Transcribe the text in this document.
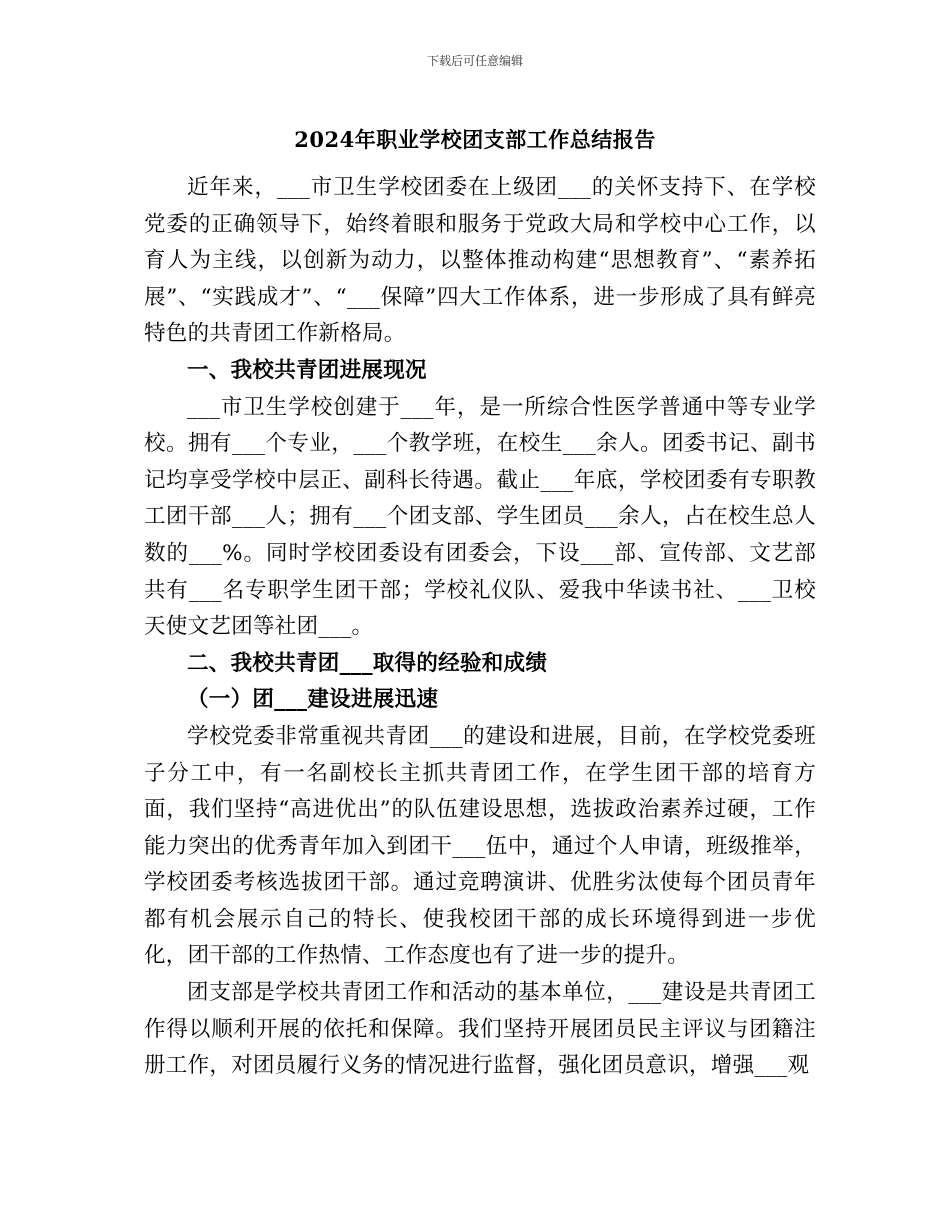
下载后可任意编辑
2024年职业学校团支部工作总结报告

近年来，___市卫生学校团委在上级团___的关怀支持下、在学校党委的正确领导下，始终着眼和服务于党政大局和学校中心工作，以育人为主线，以创新为动力，以整体推动构建“思想教育”、“素养拓展”、“实践成才”、“___保障”四大工作体系，进一步形成了具有鲜亮特色的共青团工作新格局。

一、我校共青团进展现况

___市卫生学校创建于___年，是一所综合性医学普通中等专业学校。拥有___个专业，___个教学班，在校生___余人。团委书记、副书记均享受学校中层正、副科长待遇。截止___年底，学校团委有专职教工团干部___人；拥有___个团支部、学生团员___余人，占在校生总人数的___%。同时学校团委设有团委会，下设___部、宣传部、文艺部共有___名专职学生团干部；学校礼仪队、爱我中华读书社、___卫校天使文艺团等社团___。

二、我校共青团___取得的经验和成绩
（一）团___建设进展迅速

学校党委非常重视共青团___的建设和进展，目前，在学校党委班子分工中，有一名副校长主抓共青团工作，在学生团干部的培育方面，我们坚持“高进优出”的队伍建设思想，选拔政治素养过硬，工作能力突出的优秀青年加入到团干___伍中，通过个人申请，班级推举，学校团委考核选拔团干部。通过竞聘演讲、优胜劣汰使每个团员青年都有机会展示自己的特长、使我校团干部的成长环境得到进一步优化，团干部的工作热情、工作态度也有了进一步的提升。

团支部是学校共青团工作和活动的基本单位，___建设是共青团工作得以顺利开展的依托和保障。我们坚持开展团员民主评议与团籍注册工作，对团员履行义务的情况进行监督，强化团员意识，增强___观
